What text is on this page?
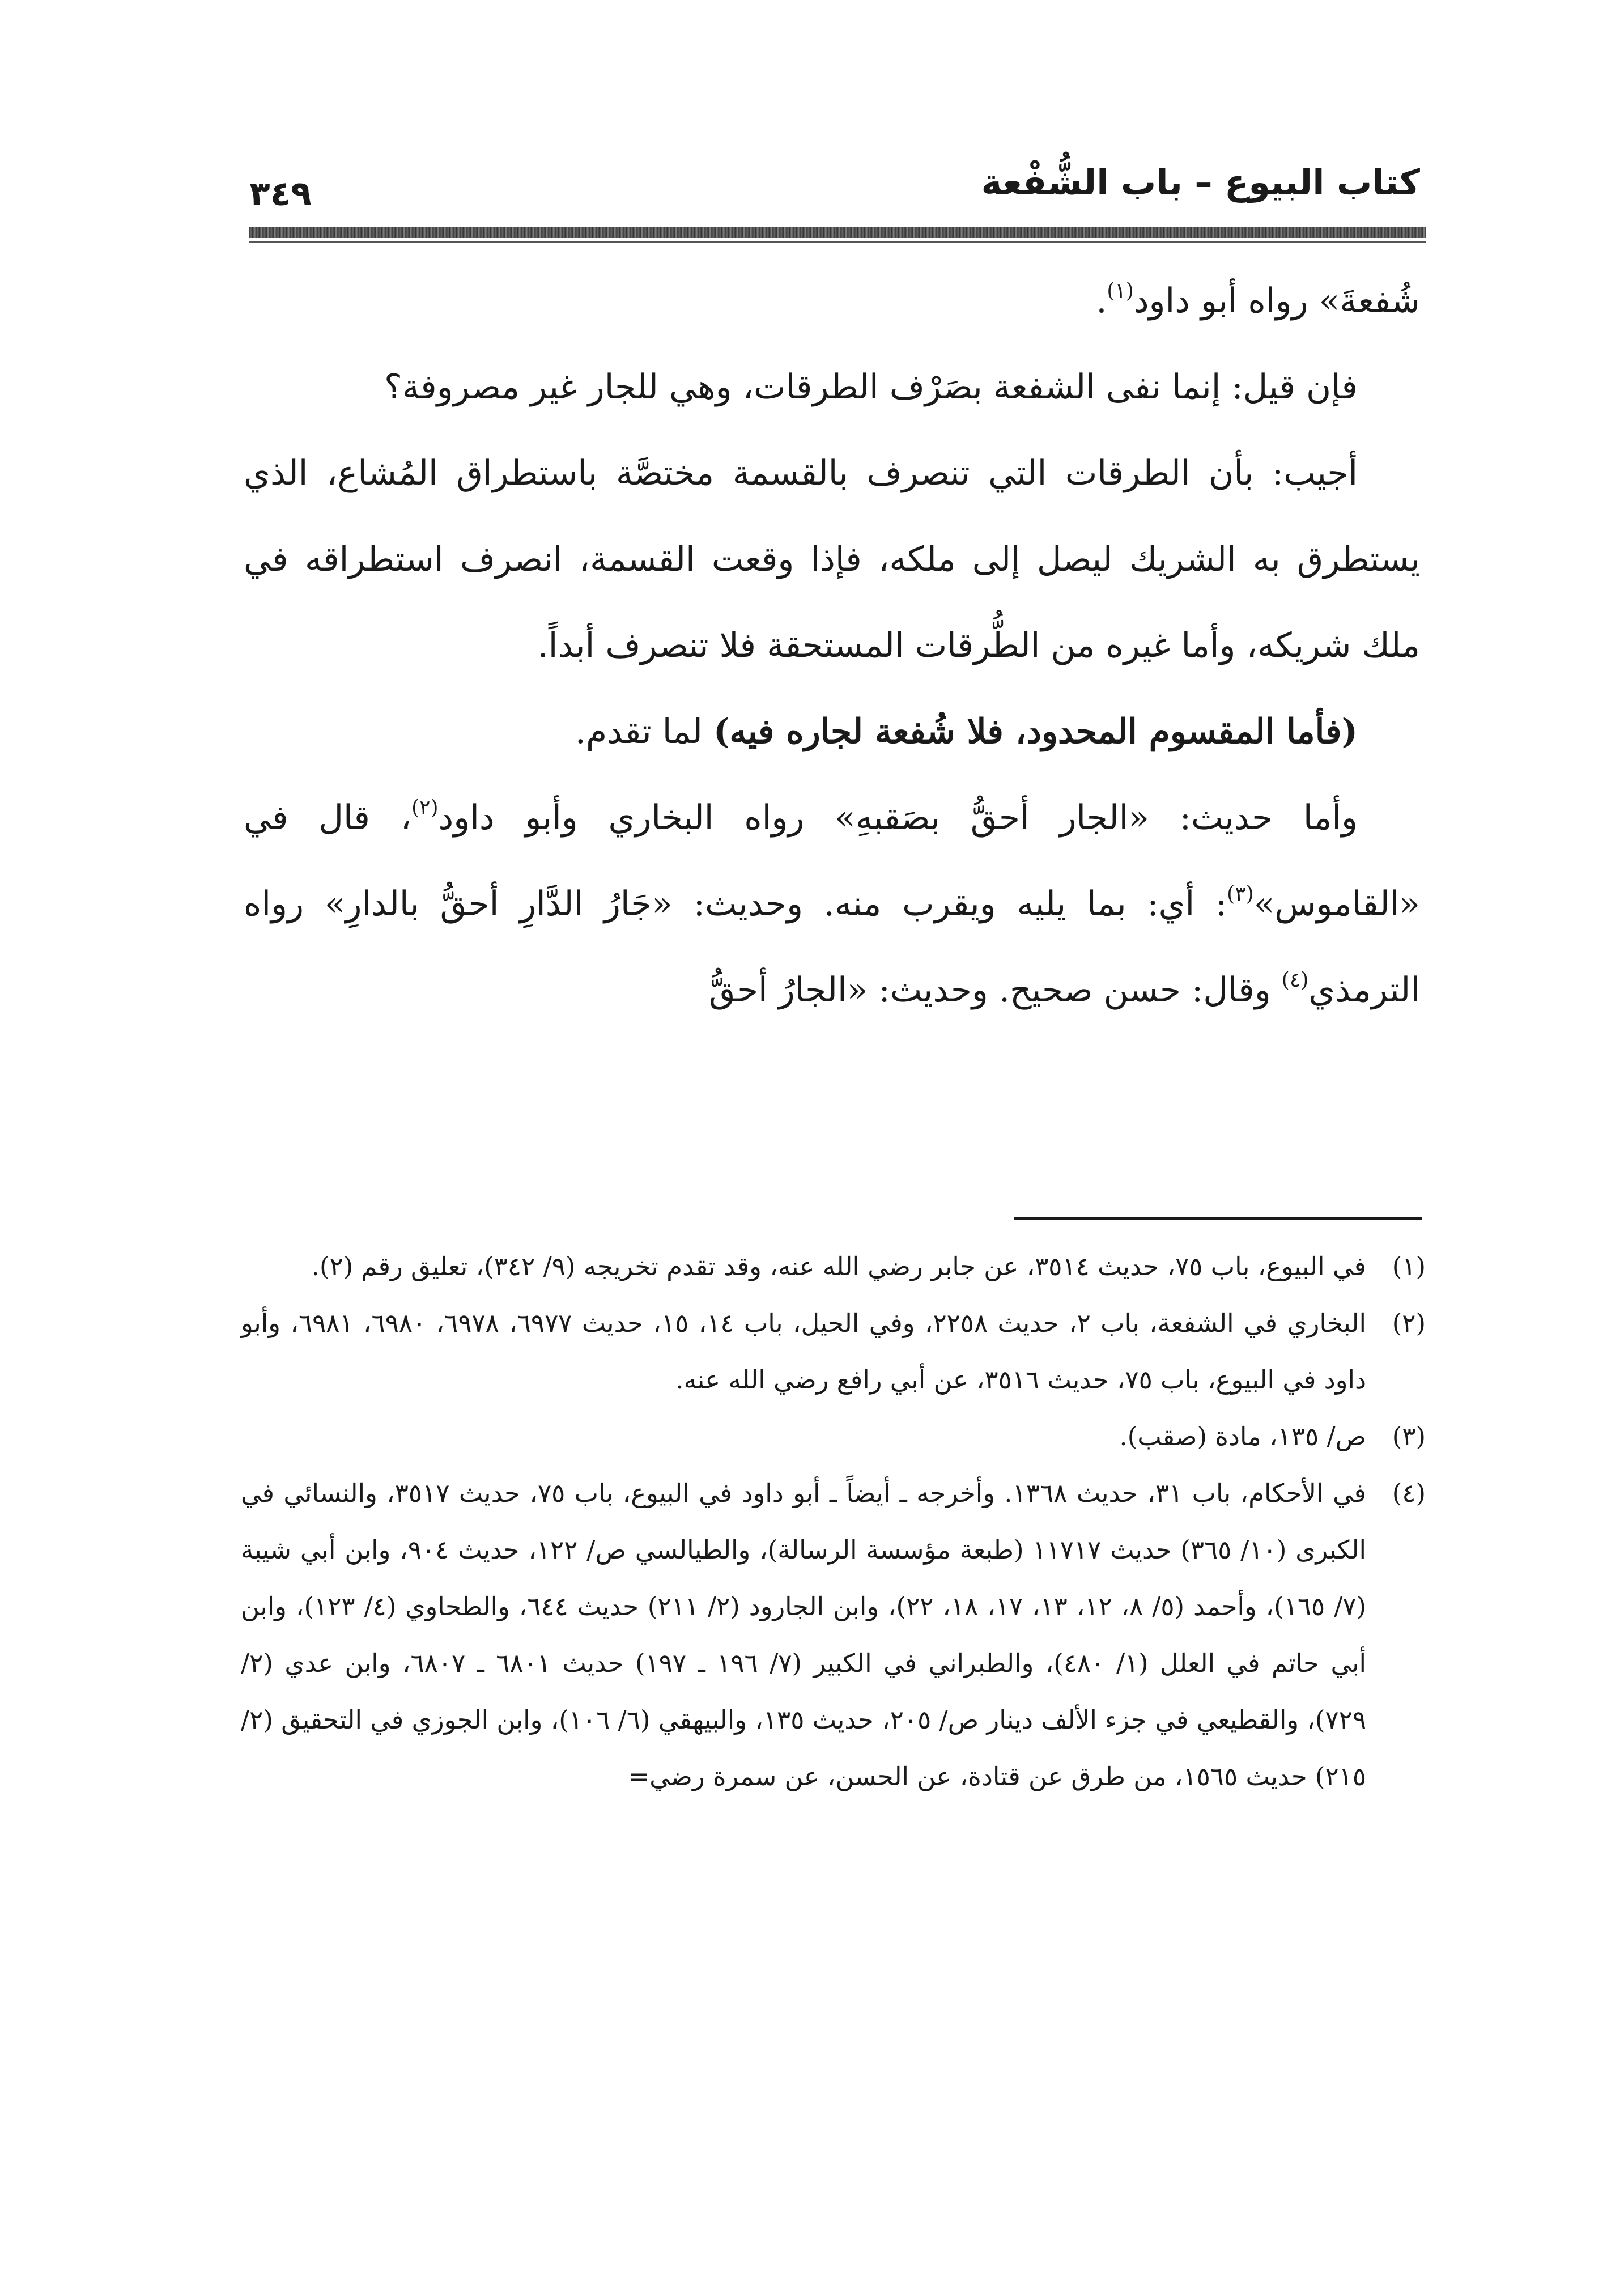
كتاب البيوع – باب الشُّفْعة
٣٤٩

شُفعةَ» رواه أبو داود$^{(١)}$.

فإن قيل: إنما نفى الشفعة بصَرْف الطرقات، وهي للجار غير مصروفة؟

أجيب: بأن الطرقات التي تنصرف بالقسمة مختصَّة باستطراق المُشاع، الذي يستطرق به الشريك ليصل إلى ملكه، فإذا وقعت القسمة، انصرف استطراقه في ملك شريكه، وأما غيره من الطُّرقات المستحقة فلا تنصرف أبداً.

(فأما المقسوم المحدود، فلا شُفعة لجاره فيه) لما تقدم.

وأما حديث: «الجار أحقُّ بصَقبهِ» رواه البخاري وأبو داود$^{(٢)}$، قال في «القاموس»$^{(٣)}$: أي: بما يليه ويقرب منه. وحديث: «جَارُ الدَّارِ أحقُّ بالدارِ» رواه الترمذي$^{(٤)}$ وقال: حسن صحيح. وحديث: «الجارُ أحقُّ

(١)
في البيوع، باب ٧٥، حديث ٣٥١٤، عن جابر رضي الله عنه، وقد تقدم تخريجه (٩/ ٣٤٢)، تعليق رقم (٢).

(٢)
البخاري في الشفعة، باب ٢، حديث ٢٢٥٨، وفي الحيل، باب ١٤، ١٥، حديث ٦٩٧٧، ٦٩٧٨، ٦٩٨٠، ٦٩٨١، وأبو داود في البيوع، باب ٧٥، حديث ٣٥١٦، عن أبي رافع رضي الله عنه.

(٣)
ص/ ١٣٥، مادة (صقب).

(٤)
في الأحكام، باب ٣١، حديث ١٣٦٨. وأخرجه ـ أيضاً ـ أبو داود في البيوع، باب ٧٥، حديث ٣٥١٧، والنسائي في الكبرى (١٠/ ٣٦٥) حديث ١١٧١٧ (طبعة مؤسسة الرسالة)، والطيالسي ص/ ١٢٢، حديث ٩٠٤، وابن أبي شيبة (٧/ ١٦٥)، وأحمد (٥/ ٨، ١٢، ١٣، ١٧، ١٨، ٢٢)، وابن الجارود (٢/ ٢١١) حديث ٦٤٤، والطحاوي (٤/ ١٢٣)، وابن أبي حاتم في العلل (١/ ٤٨٠)، والطبراني في الكبير (٧/ ١٩٦ ـ ١٩٧) حديث ٦٨٠١ ـ ٦٨٠٧، وابن عدي (٢/ ٧٢٩)، والقطيعي في جزء الألف دينار ص/ ٢٠٥، حديث ١٣٥، والبيهقي (٦/ ١٠٦)، وابن الجوزي في التحقيق (٢/ ٢١٥) حديث ١٥٦٥، من طرق عن قتادة، عن الحسن، عن سمرة رضي=
